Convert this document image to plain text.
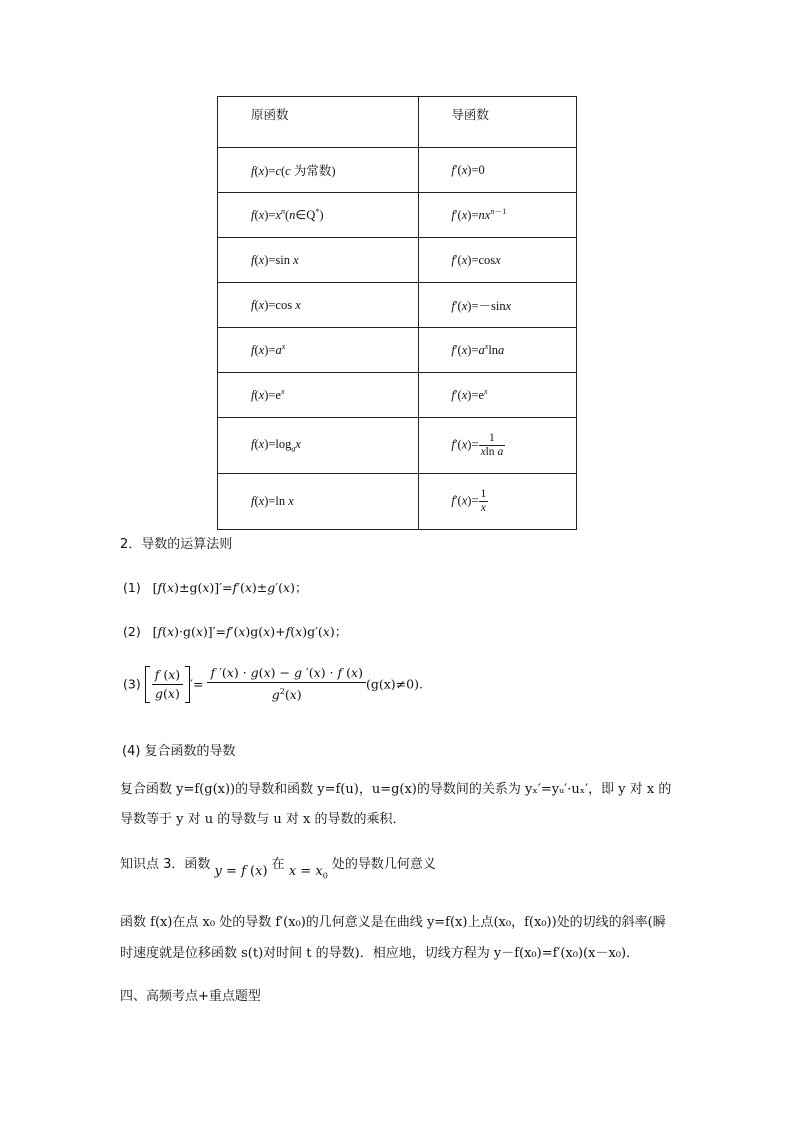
原函数	导函数
f(x)=c(c 为常数)	f′(x)=0
$f(x)=x^n(n\in Q^*)$	$f'(x)=nx^{n-1}$
f(x)=sin x	f′(x)=cosx
f(x)=cos x	f′(x)=－sinx
$f(x)=a^x$	$f'(x)=a^x\ln a$
$f(x)=e^x$	$f'(x)=e^x$
$f(x)=\log_ax$	$f'(x)= \frac{1}{\text{xln a}}$

f(x)=ln x	$f'(x)= \frac{1}{x}$
2．导数的运算法则
(1)   [f(x)±g(x)]′=f′(x)±g′(x)；
(2)   [f(x)·g(x)]′=f′(x)g(x)+f(x)g′(x)；
$(3) \frac{f (x)}{g(x)}$ ′= $\frac{f '(x) \cdot g(x) - g '(x) \cdot f (x)}{g^2(x)} (g(x)\ne 0)$.
(4) 复合函数的导数
复合函数 y=f(g(x))的导数和函数 y=f(u)，u=g(x)的导数间的关系为 yₓ′=yᵤ′·uₓ′，即 y 对 x 的
导数等于 y 对 u 的导数与 u 对 x 的导数的乘积．
知识点 3．函数 y = f (x) 在 $x = x_0$ 处的导数几何意义
函数 f(x)在点 x₀ 处的导数 f′(x₀)的几何意义是在曲线 y=f(x)上点(x₀，f(x₀))处的切线的斜率(瞬
时速度就是位移函数 s(t)对时间 t 的导数)．相应地，切线方程为 y－f(x₀)=f′(x₀)(x－x₀)．
四、高频考点+重点题型
